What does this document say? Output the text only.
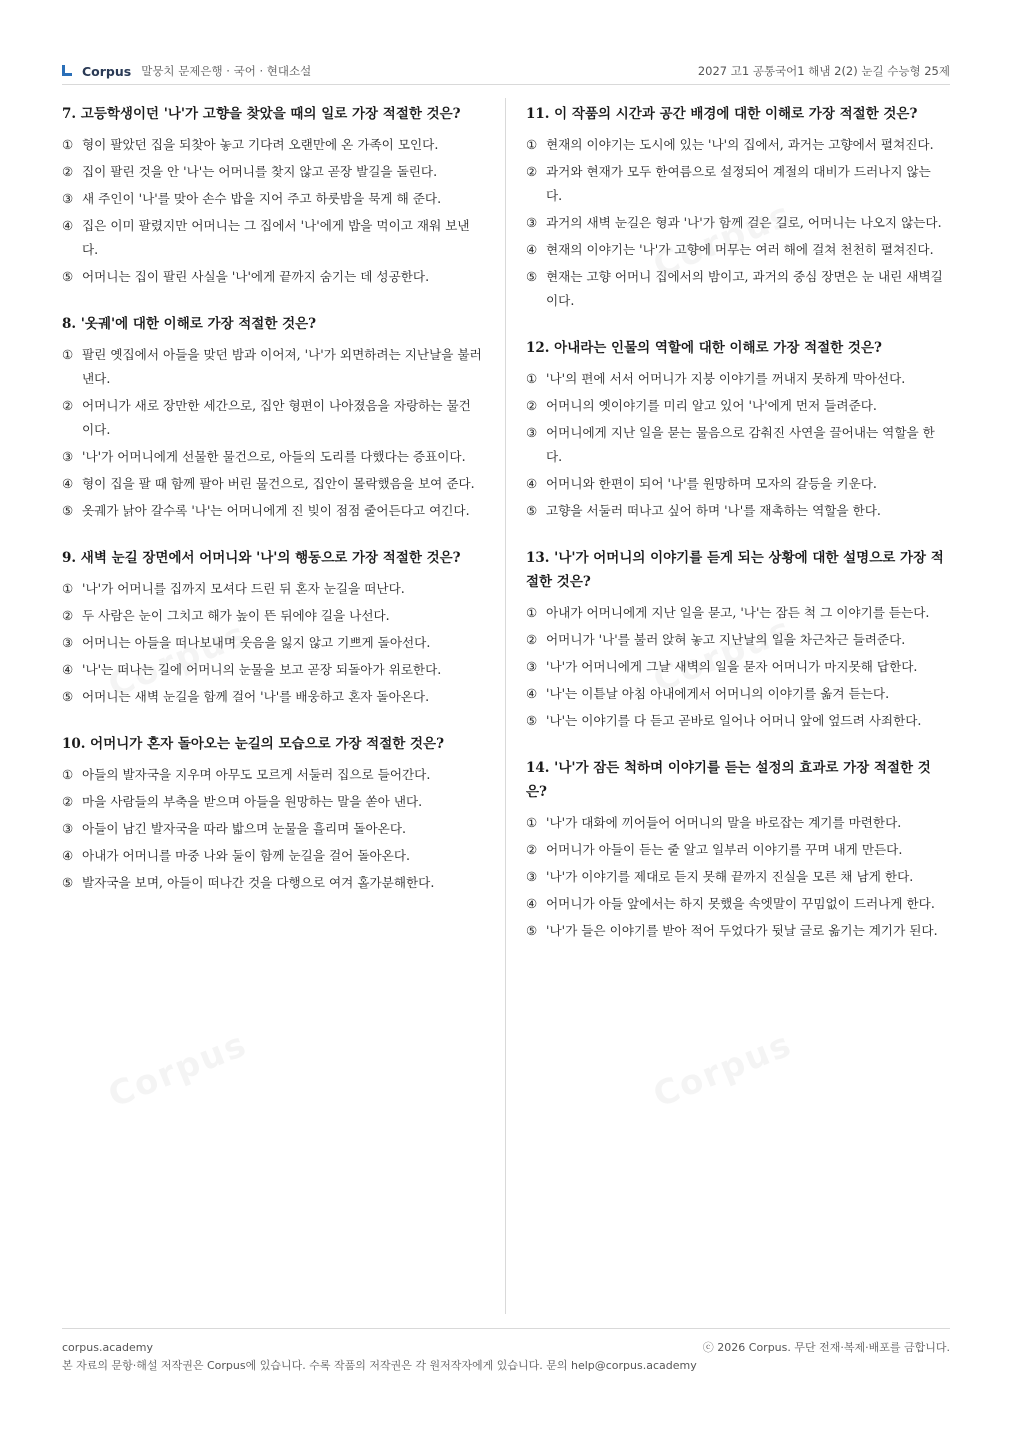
Corpus 말뭉치 문제은행 · 국어 · 현대소설	2027 고1 공통국어1 해냄 2(2) 눈길 수능형 25제
7. 고등학생이던 '나'가 고향을 찾았을 때의 일로 가장 적절한 것은?
① 형이 팔았던 집을 되찾아 놓고 기다려 오랜만에 온 가족이 모인다.
② 집이 팔린 것을 안 '나'는 어머니를 찾지 않고 곧장 발길을 돌린다.
③ 새 주인이 '나'를 맞아 손수 밥을 지어 주고 하룻밤을 묵게 해 준다.
④ 집은 이미 팔렸지만 어머니는 그 집에서 '나'에게 밥을 먹이고 재워 보낸다.
⑤ 어머니는 집이 팔린 사실을 '나'에게 끝까지 숨기는 데 성공한다.
8. '옷궤'에 대한 이해로 가장 적절한 것은?
① 팔린 옛집에서 아들을 맞던 밤과 이어져, '나'가 외면하려는 지난날을 불러낸다.
② 어머니가 새로 장만한 세간으로, 집안 형편이 나아졌음을 자랑하는 물건이다.
③ '나'가 어머니에게 선물한 물건으로, 아들의 도리를 다했다는 증표이다.
④ 형이 집을 팔 때 함께 팔아 버린 물건으로, 집안이 몰락했음을 보여 준다.
⑤ 옷궤가 낡아 갈수록 '나'는 어머니에게 진 빚이 점점 줄어든다고 여긴다.
9. 새벽 눈길 장면에서 어머니와 '나'의 행동으로 가장 적절한 것은?
① '나'가 어머니를 집까지 모셔다 드린 뒤 혼자 눈길을 떠난다.
② 두 사람은 눈이 그치고 해가 높이 뜬 뒤에야 길을 나선다.
③ 어머니는 아들을 떠나보내며 웃음을 잃지 않고 기쁘게 돌아선다.
④ '나'는 떠나는 길에 어머니의 눈물을 보고 곧장 되돌아가 위로한다.
⑤ 어머니는 새벽 눈길을 함께 걸어 '나'를 배웅하고 혼자 돌아온다.
10. 어머니가 혼자 돌아오는 눈길의 모습으로 가장 적절한 것은?
① 아들의 발자국을 지우며 아무도 모르게 서둘러 집으로 들어간다.
② 마을 사람들의 부축을 받으며 아들을 원망하는 말을 쏟아 낸다.
③ 아들이 남긴 발자국을 따라 밟으며 눈물을 흘리며 돌아온다.
④ 아내가 어머니를 마중 나와 둘이 함께 눈길을 걸어 돌아온다.
⑤ 발자국을 보며, 아들이 떠나간 것을 다행으로 여겨 홀가분해한다.
11. 이 작품의 시간과 공간 배경에 대한 이해로 가장 적절한 것은?
① 현재의 이야기는 도시에 있는 '나'의 집에서, 과거는 고향에서 펼쳐진다.
② 과거와 현재가 모두 한여름으로 설정되어 계절의 대비가 드러나지 않는다.
③ 과거의 새벽 눈길은 형과 '나'가 함께 걸은 길로, 어머니는 나오지 않는다.
④ 현재의 이야기는 '나'가 고향에 머무는 여러 해에 걸쳐 천천히 펼쳐진다.
⑤ 현재는 고향 어머니 집에서의 밤이고, 과거의 중심 장면은 눈 내린 새벽길이다.
12. 아내라는 인물의 역할에 대한 이해로 가장 적절한 것은?
① '나'의 편에 서서 어머니가 지붕 이야기를 꺼내지 못하게 막아선다.
② 어머니의 옛이야기를 미리 알고 있어 '나'에게 먼저 들려준다.
③ 어머니에게 지난 일을 묻는 물음으로 감춰진 사연을 끌어내는 역할을 한다.
④ 어머니와 한편이 되어 '나'를 원망하며 모자의 갈등을 키운다.
⑤ 고향을 서둘러 떠나고 싶어 하며 '나'를 재촉하는 역할을 한다.
13. '나'가 어머니의 이야기를 듣게 되는 상황에 대한 설명으로 가장 적절한 것은?
① 아내가 어머니에게 지난 일을 묻고, '나'는 잠든 척 그 이야기를 듣는다.
② 어머니가 '나'를 불러 앉혀 놓고 지난날의 일을 차근차근 들려준다.
③ '나'가 어머니에게 그날 새벽의 일을 묻자 어머니가 마지못해 답한다.
④ '나'는 이튿날 아침 아내에게서 어머니의 이야기를 옮겨 듣는다.
⑤ '나'는 이야기를 다 듣고 곧바로 일어나 어머니 앞에 엎드려 사죄한다.
14. '나'가 잠든 척하며 이야기를 듣는 설정의 효과로 가장 적절한 것은?
① '나'가 대화에 끼어들어 어머니의 말을 바로잡는 계기를 마련한다.
② 어머니가 아들이 듣는 줄 알고 일부러 이야기를 꾸며 내게 만든다.
③ '나'가 이야기를 제대로 듣지 못해 끝까지 진실을 모른 채 남게 한다.
④ 어머니가 아들 앞에서는 하지 못했을 속엣말이 꾸밈없이 드러나게 한다.
⑤ '나'가 들은 이야기를 받아 적어 두었다가 뒷날 글로 옮기는 계기가 된다.
corpus.academy	ⓒ 2026 Corpus. 무단 전재·복제·배포를 금합니다.
본 자료의 문항·해설 저작권은 Corpus에 있습니다. 수록 작품의 저작권은 각 원저작자에게 있습니다. 문의 help@corpus.academy
